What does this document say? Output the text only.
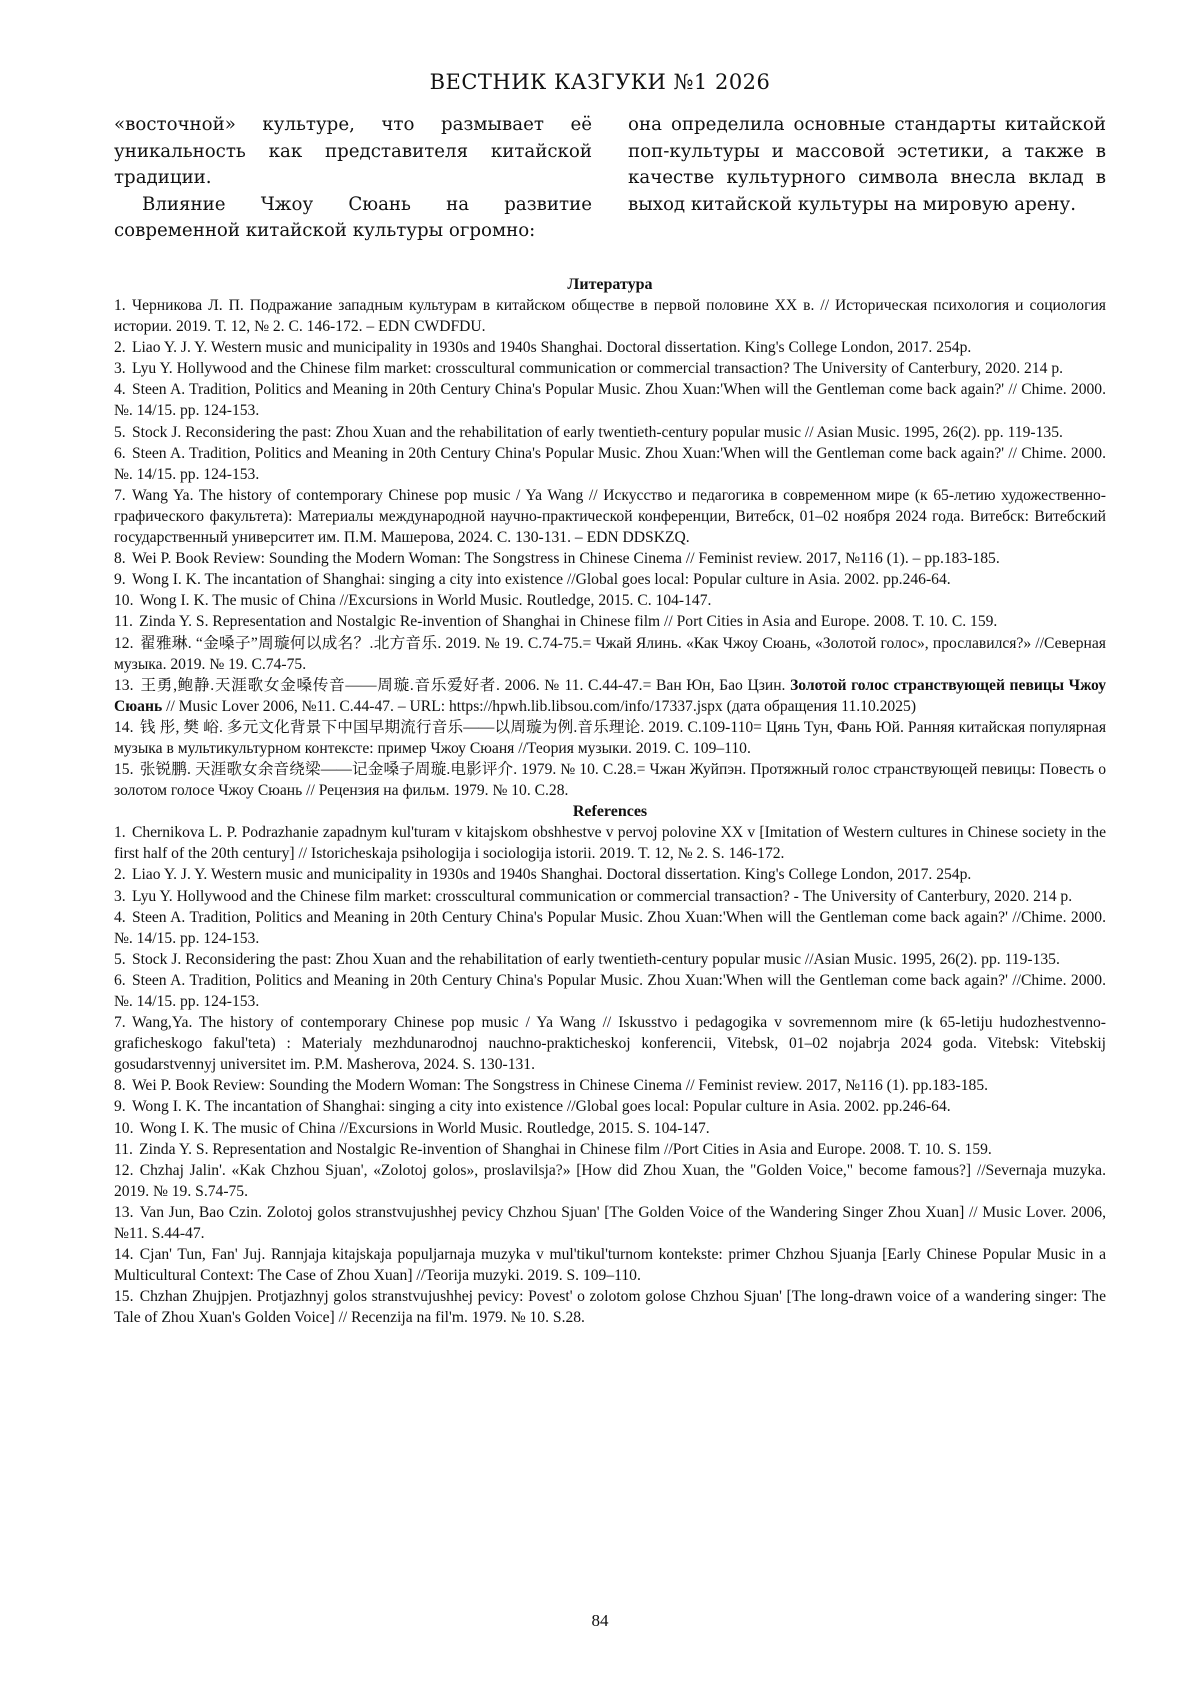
ВЕСТНИК КАЗГУКИ №1 2026

«восточной» культуре, что размывает её уникальность как представителя китайской традиции.

Влияние Чжоу Сюань на развитие современной китайской культуры огромно:

она определила основные стандарты китайской поп-культуры и массовой эстетики, а также в качестве культурного символа внесла вклад в выход китайской культуры на мировую арену.

Литература
1. Черникова Л. П. Подражание западным культурам в китайском обществе в первой половине XX в. // Историческая психология и социология истории. 2019. Т. 12, № 2. С. 146-172. – EDN CWDFDU.
2. Liao Y. J. Y. Western music and municipality in 1930s and 1940s Shanghai. Doctoral dissertation. King's College London, 2017. 254p.
3. Lyu Y. Hollywood and the Chinese film market: crosscultural communication or commercial transaction? The University of Canterbury, 2020. 214 p.
4. Steen A. Tradition, Politics and Meaning in 20th Century China's Popular Music. Zhou Xuan:'When will the Gentleman come back again?' // Chime. 2000. №. 14/15. pp. 124-153.
5. Stock J. Reconsidering the past: Zhou Xuan and the rehabilitation of early twentieth-century popular music // Asian Music. 1995, 26(2). pp. 119-135.
6. Steen A. Tradition, Politics and Meaning in 20th Century China's Popular Music. Zhou Xuan:'When will the Gentleman come back again?' // Chime. 2000. №. 14/15. pp. 124-153.
7. Wang Ya. The history of contemporary Chinese pop music / Ya Wang // Искусство и педагогика в современном мире (к 65-летию художественно-графического факультета): Материалы международной научно-практической конференции, Витебск, 01–02 ноября 2024 года. Витебск: Витебский государственный университет им. П.М. Машерова, 2024. С. 130-131. – EDN DDSKZQ.
8. Wei P. Book Review: Sounding the Modern Woman: The Songstress in Chinese Cinema // Feminist review. 2017, №116 (1). – pp.183-185.
9. Wong I. K. The incantation of Shanghai: singing a city into existence //Global goes local: Popular culture in Asia. 2002. pp.246-64.
10. Wong I. K. The music of China //Excursions in World Music. Routledge, 2015. С. 104-147.
11. Zinda Y. S. Representation and Nostalgic Re-invention of Shanghai in Chinese film // Port Cities in Asia and Europe. 2008. Т. 10. С. 159.
12. 翟雅琳. “金嗓子”周璇何以成名？.北方音乐. 2019. № 19. С.74-75.= Чжай Ялинь. «Как Чжоу Сюань, «Золотой голос», прославился?» //Северная музыка. 2019. № 19. С.74-75.
13. 王勇,鲍静.天涯歌女金嗓传音——周璇.音乐爱好者. 2006. № 11. С.44-47.= Ван Юн, Бао Цзин. Золотой голос странствующей певицы Чжоу Сюань // Music Lover 2006, №11. С.44-47. – URL: https://hpwh.lib.libsou.com/info/17337.jspx (дата обращения 11.10.2025)
14. 钱 彤, 樊 峪. 多元文化背景下中国早期流行音乐——以周璇为例.音乐理论. 2019. С.109-110= Цянь Тун, Фань Юй. Ранняя китайская популярная музыка в мультикультурном контексте: пример Чжоу Сюаня //Теория музыки. 2019. С. 109–110.
15. 张锐鹏. 天涯歌女余音绕梁——记金嗓子周璇.电影评介. 1979. № 10. С.28.= Чжан Жуйпэн. Протяжный голос странствующей певицы: Повесть о золотом голосе Чжоу Сюань // Рецензия на фильм. 1979. № 10. С.28.
References
1. Chernikova L. P. Podrazhanie zapadnym kul'turam v kitajskom obshhestve v pervoj polovine XX v [Imitation of Western cultures in Chinese society in the first half of the 20th century] // Istoricheskaja psihologija i sociologija istorii. 2019. T. 12, № 2. S. 146-172.
2. Liao Y. J. Y. Western music and municipality in 1930s and 1940s Shanghai. Doctoral dissertation. King's College London, 2017. 254p.
3. Lyu Y. Hollywood and the Chinese film market: crosscultural communication or commercial transaction? - The University of Canterbury, 2020. 214 p.
4. Steen A. Tradition, Politics and Meaning in 20th Century China's Popular Music. Zhou Xuan:'When will the Gentleman come back again?' //Chime. 2000. №. 14/15. pp. 124-153.
5. Stock J. Reconsidering the past: Zhou Xuan and the rehabilitation of early twentieth-century popular music //Asian Music. 1995, 26(2). pp. 119-135.
6. Steen A. Tradition, Politics and Meaning in 20th Century China's Popular Music. Zhou Xuan:'When will the Gentleman come back again?' //Chime. 2000. №. 14/15. pp. 124-153.
7. Wang,Ya. The history of contemporary Chinese pop music / Ya Wang // Iskusstvo i pedagogika v sovremennom mire (k 65-letiju hudozhestvenno-graficheskogo fakul'teta) : Materialy mezhdunarodnoj nauchno-prakticheskoj konferencii, Vitebsk, 01–02 nojabrja 2024 goda. Vitebsk: Vitebskij gosudarstvennyj universitet im. P.M. Masherova, 2024. S. 130-131.
8. Wei P. Book Review: Sounding the Modern Woman: The Songstress in Chinese Cinema // Feminist review. 2017, №116 (1). pp.183-185.
9. Wong I. K. The incantation of Shanghai: singing a city into existence //Global goes local: Popular culture in Asia. 2002. pp.246-64.
10. Wong I. K. The music of China //Excursions in World Music. Routledge, 2015. S. 104-147.
11. Zinda Y. S. Representation and Nostalgic Re-invention of Shanghai in Chinese film //Port Cities in Asia and Europe. 2008. T. 10. S. 159.
12. Chzhaj Jalin'. «Kak Chzhou Sjuan', «Zolotoj golos», proslavilsja?» [How did Zhou Xuan, the "Golden Voice," become famous?] //Severnaja muzyka. 2019. № 19. S.74-75.
13. Van Jun, Bao Czin. Zolotoj golos stranstvujushhej pevicy Chzhou Sjuan' [The Golden Voice of the Wandering Singer Zhou Xuan] // Music Lover. 2006, №11. S.44-47.
14. Cjan' Tun, Fan' Juj. Rannjaja kitajskaja populjarnaja muzyka v mul'tikul'turnom kontekste: primer Chzhou Sjuanja [Early Chinese Popular Music in a Multicultural Context: The Case of Zhou Xuan] //Teorija muzyki. 2019. S. 109–110.
15. Chzhan Zhujpjen. Protjazhnyj golos stranstvujushhej pevicy: Povest' o zolotom golose Chzhou Sjuan' [The long-drawn voice of a wandering singer: The Tale of Zhou Xuan's Golden Voice] // Recenzija na fil'm. 1979. № 10. S.28.
84
